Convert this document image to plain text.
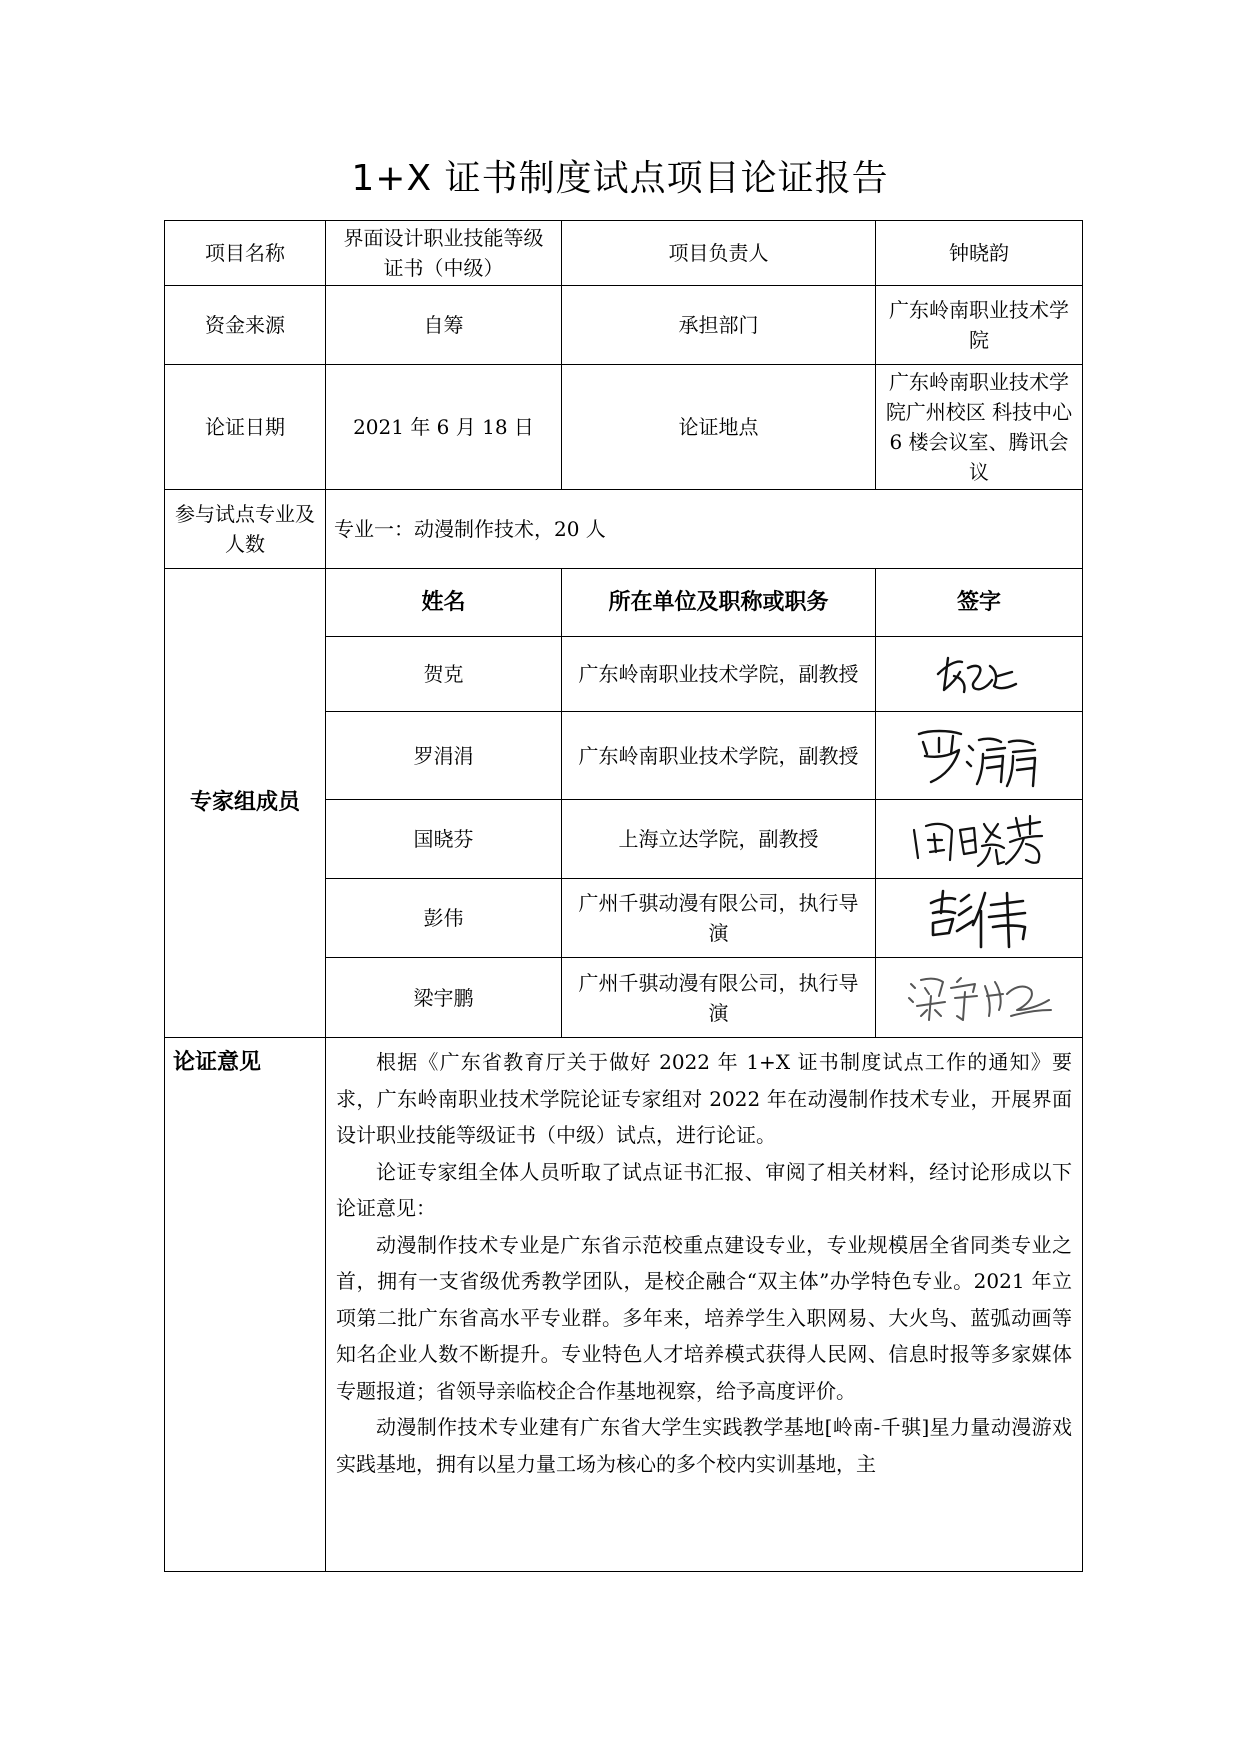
1+X 证书制度试点项目论证报告
项目名称	界面设计职业技能等级证书（中级）	项目负责人	钟晓韵
资金来源	自筹	承担部门	广东岭南职业技术学院
论证日期	2021 年 6 月 18 日	论证地点	广东岭南职业技术学院广州校区 科技中心 6 楼会议室、腾讯会议
参与试点专业及人数	专业一：动漫制作技术，20 人		
专家组成员	姓名	所在单位及职称或职务	签字
	贺克	广东岭南职业技术学院，副教授	

	罗涓涓	广东岭南职业技术学院，副教授	

	国晓芬	上海立达学院，副教授	

	彭伟	广州千骐动漫有限公司，执行导演	

	梁宇鹏	广州千骐动漫有限公司，执行导演	

论证意见	根据《广东省教育厅关于做好 2022 年 1+X 证书制度试点工作的通知》要求，广东岭南职业技术学院论证专家组对 2022 年在动漫制作技术专业，开展界面设计职业技能等级证书（中级）试点，进行论证。

论证专家组全体人员听取了试点证书汇报、审阅了相关材料，经讨论形成以下论证意见：

动漫制作技术专业是广东省示范校重点建设专业，专业规模居全省同类专业之首，拥有一支省级优秀教学团队，是校企融合“双主体”办学特色专业。2021 年立项第二批广东省高水平专业群。多年来，培养学生入职网易、大火鸟、蓝弧动画等知名企业人数不断提升。专业特色人才培养模式获得人民网、信息时报等多家媒体专题报道；省领导亲临校企合作基地视察，给予高度评价。

动漫制作技术专业建有广东省大学生实践教学基地[岭南-千骐]星力量动漫游戏实践基地，拥有以星力量工场为核心的多个校内实训基地，主		
